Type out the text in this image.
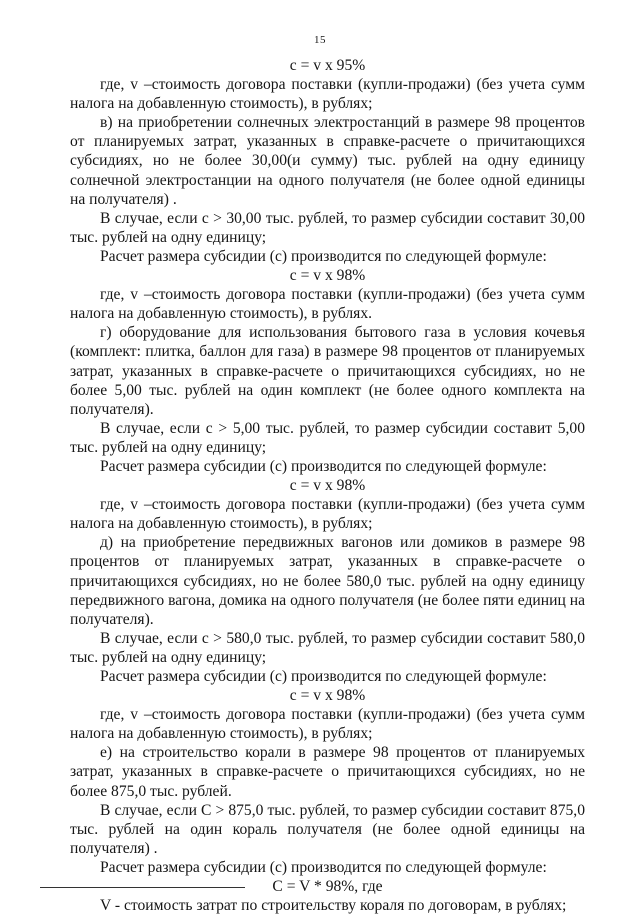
15

c = v x 95%

где, v –стоимость договора поставки (купли-продажи) (без учета сумм налога на добавленную стоимость), в рублях;

в) на приобретении солнечных электростанций в размере 98 процентов от планируемых затрат, указанных в справке-расчете о причитающихся субсидиях, но не более 30,00(и сумму) тыс. рублей на одну единицу солнечной электростанции на одного получателя (не более одной единицы на получателя) .

В случае, если c > 30,00 тыс. рублей, то размер субсидии составит 30,00 тыс. рублей на одну единицу;

Расчет размера субсидии (с) производится по следующей формуле:

c = v x 98%

где, v –стоимость договора поставки (купли-продажи) (без учета сумм налога на добавленную стоимость), в рублях.

г) оборудование для использования бытового газа в условия кочевья (комплект: плитка, баллон для газа) в размере 98 процентов от планируемых затрат, указанных в справке-расчете о причитающихся субсидиях, но не более 5,00 тыс. рублей на один комплект (не более одного комплекта на получателя).

В случае, если c > 5,00 тыс. рублей, то размер субсидии составит 5,00 тыс. рублей на одну единицу;

Расчет размера субсидии (с) производится по следующей формуле:

c = v x 98%

где, v –стоимость договора поставки (купли-продажи) (без учета сумм налога на добавленную стоимость), в рублях;

д) на приобретение передвижных вагонов или домиков в размере 98 процентов от планируемых затрат, указанных в справке-расчете о причитающихся субсидиях, но не более 580,0 тыс. рублей на одну единицу передвижного вагона, домика на одного получателя (не более пяти единиц на получателя).

В случае, если c > 580,0 тыс. рублей, то размер субсидии составит 580,0 тыс. рублей на одну единицу;

Расчет размера субсидии (с) производится по следующей формуле:

c = v x 98%

где, v –стоимость договора поставки (купли-продажи) (без учета сумм налога на добавленную стоимость), в рублях;

е) на строительство корали в размере 98 процентов от планируемых затрат, указанных в справке-расчете о причитающихся субсидиях, но не более 875,0 тыс. рублей.

В случае, если C > 875,0 тыс. рублей, то размер субсидии составит 875,0 тыс. рублей на один кораль получателя (не более одной единицы на получателя) .

Расчет размера субсидии (с) производится по следующей формуле:

C = V * 98%, где

V - стоимость затрат по строительству кораля по договорам, в рублях;
